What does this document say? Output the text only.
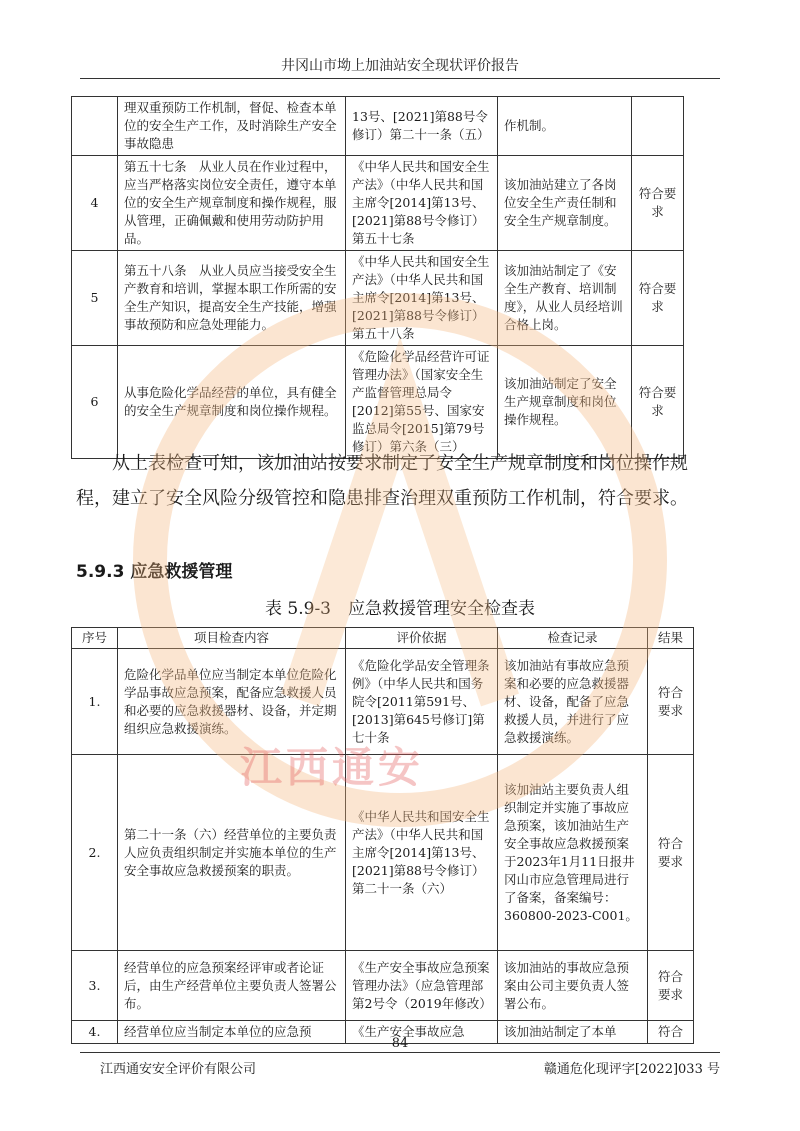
井冈山市坳上加油站安全现状评价报告
	理双重预防工作机制，督促、检查本单位的安全生产工作，及时消除生产安全事故隐患	13号、[2021]第88号令修订）第二十一条（五）	作机制。	
4	第五十七条　从业人员在作业过程中，应当严格落实岗位安全责任，遵守本单位的安全生产规章制度和操作规程，服从管理，正确佩戴和使用劳动防护用品。	《中华人民共和国安全生产法》（中华人民共和国主席令[2014]第13号、[2021]第88号令修订）第五十七条	该加油站建立了各岗位安全生产责任制和安全生产规章制度。	符合要求
5	第五十八条　从业人员应当接受安全生产教育和培训，掌握本职工作所需的安全生产知识，提高安全生产技能，增强事故预防和应急处理能力。	《中华人民共和国安全生产法》（中华人民共和国主席令[2014]第13号、[2021]第88号令修订）第五十八条	该加油站制定了《安全生产教育、培训制度》，从业人员经培训合格上岗。	符合要求
6	从事危险化学品经营的单位，具有健全的安全生产规章制度和岗位操作规程。	《危险化学品经营许可证管理办法》（国家安全生产监督管理总局令[2012]第55号、国家安监总局令[2015]第79号修订）第六条（三）	该加油站制定了安全生产规章制度和岗位操作规程。	符合要求
从上表检查可知，该加油站按要求制定了安全生产规章制度和岗位操作规程，建立了安全风险分级管控和隐患排查治理双重预防工作机制，符合要求。
5.9.3 应急救援管理
表 5.9-3　应急救援管理安全检查表
序号	项目检查内容	评价依据	检查记录	结果
1.	危险化学品单位应当制定本单位危险化学品事故应急预案，配备应急救援人员和必要的应急救援器材、设备，并定期组织应急救援演练。	《危险化学品安全管理条例》（中华人民共和国务院令[2011第591号、[2013]第645号修订]第七十条	该加油站有事故应急预案和必要的应急救援器材、设备，配备了应急救援人员，并进行了应急救援演练。	符合要求
2.	第二十一条（六）经营单位的主要负责人应负责组织制定并实施本单位的生产安全事故应急救援预案的职责。	《中华人民共和国安全生产法》（中华人民共和国主席令[2014]第13号、[2021]第88号令修订）第二十一条（六）	该加油站主要负责人组织制定并实施了事故应急预案，该加油站生产安全事故应急救援预案于2023年1月11日报井冈山市应急管理局进行了备案，备案编号：360800-2023-C001。	符合要求
3.	经营单位的应急预案经评审或者论证后，由生产经营单位主要负责人签署公布。	《生产安全事故应急预案管理办法》（应急管理部第2号令（2019年修改）	该加油站的事故应急预案由公司主要负责人签署公布。	符合要求
4.	经营单位应当制定本单位的应急预	《生产安全事故应急	该加油站制定了本单	符合
江西通安
84
江西通安安全评价有限公司	赣通危化现评字[2022]033 号
